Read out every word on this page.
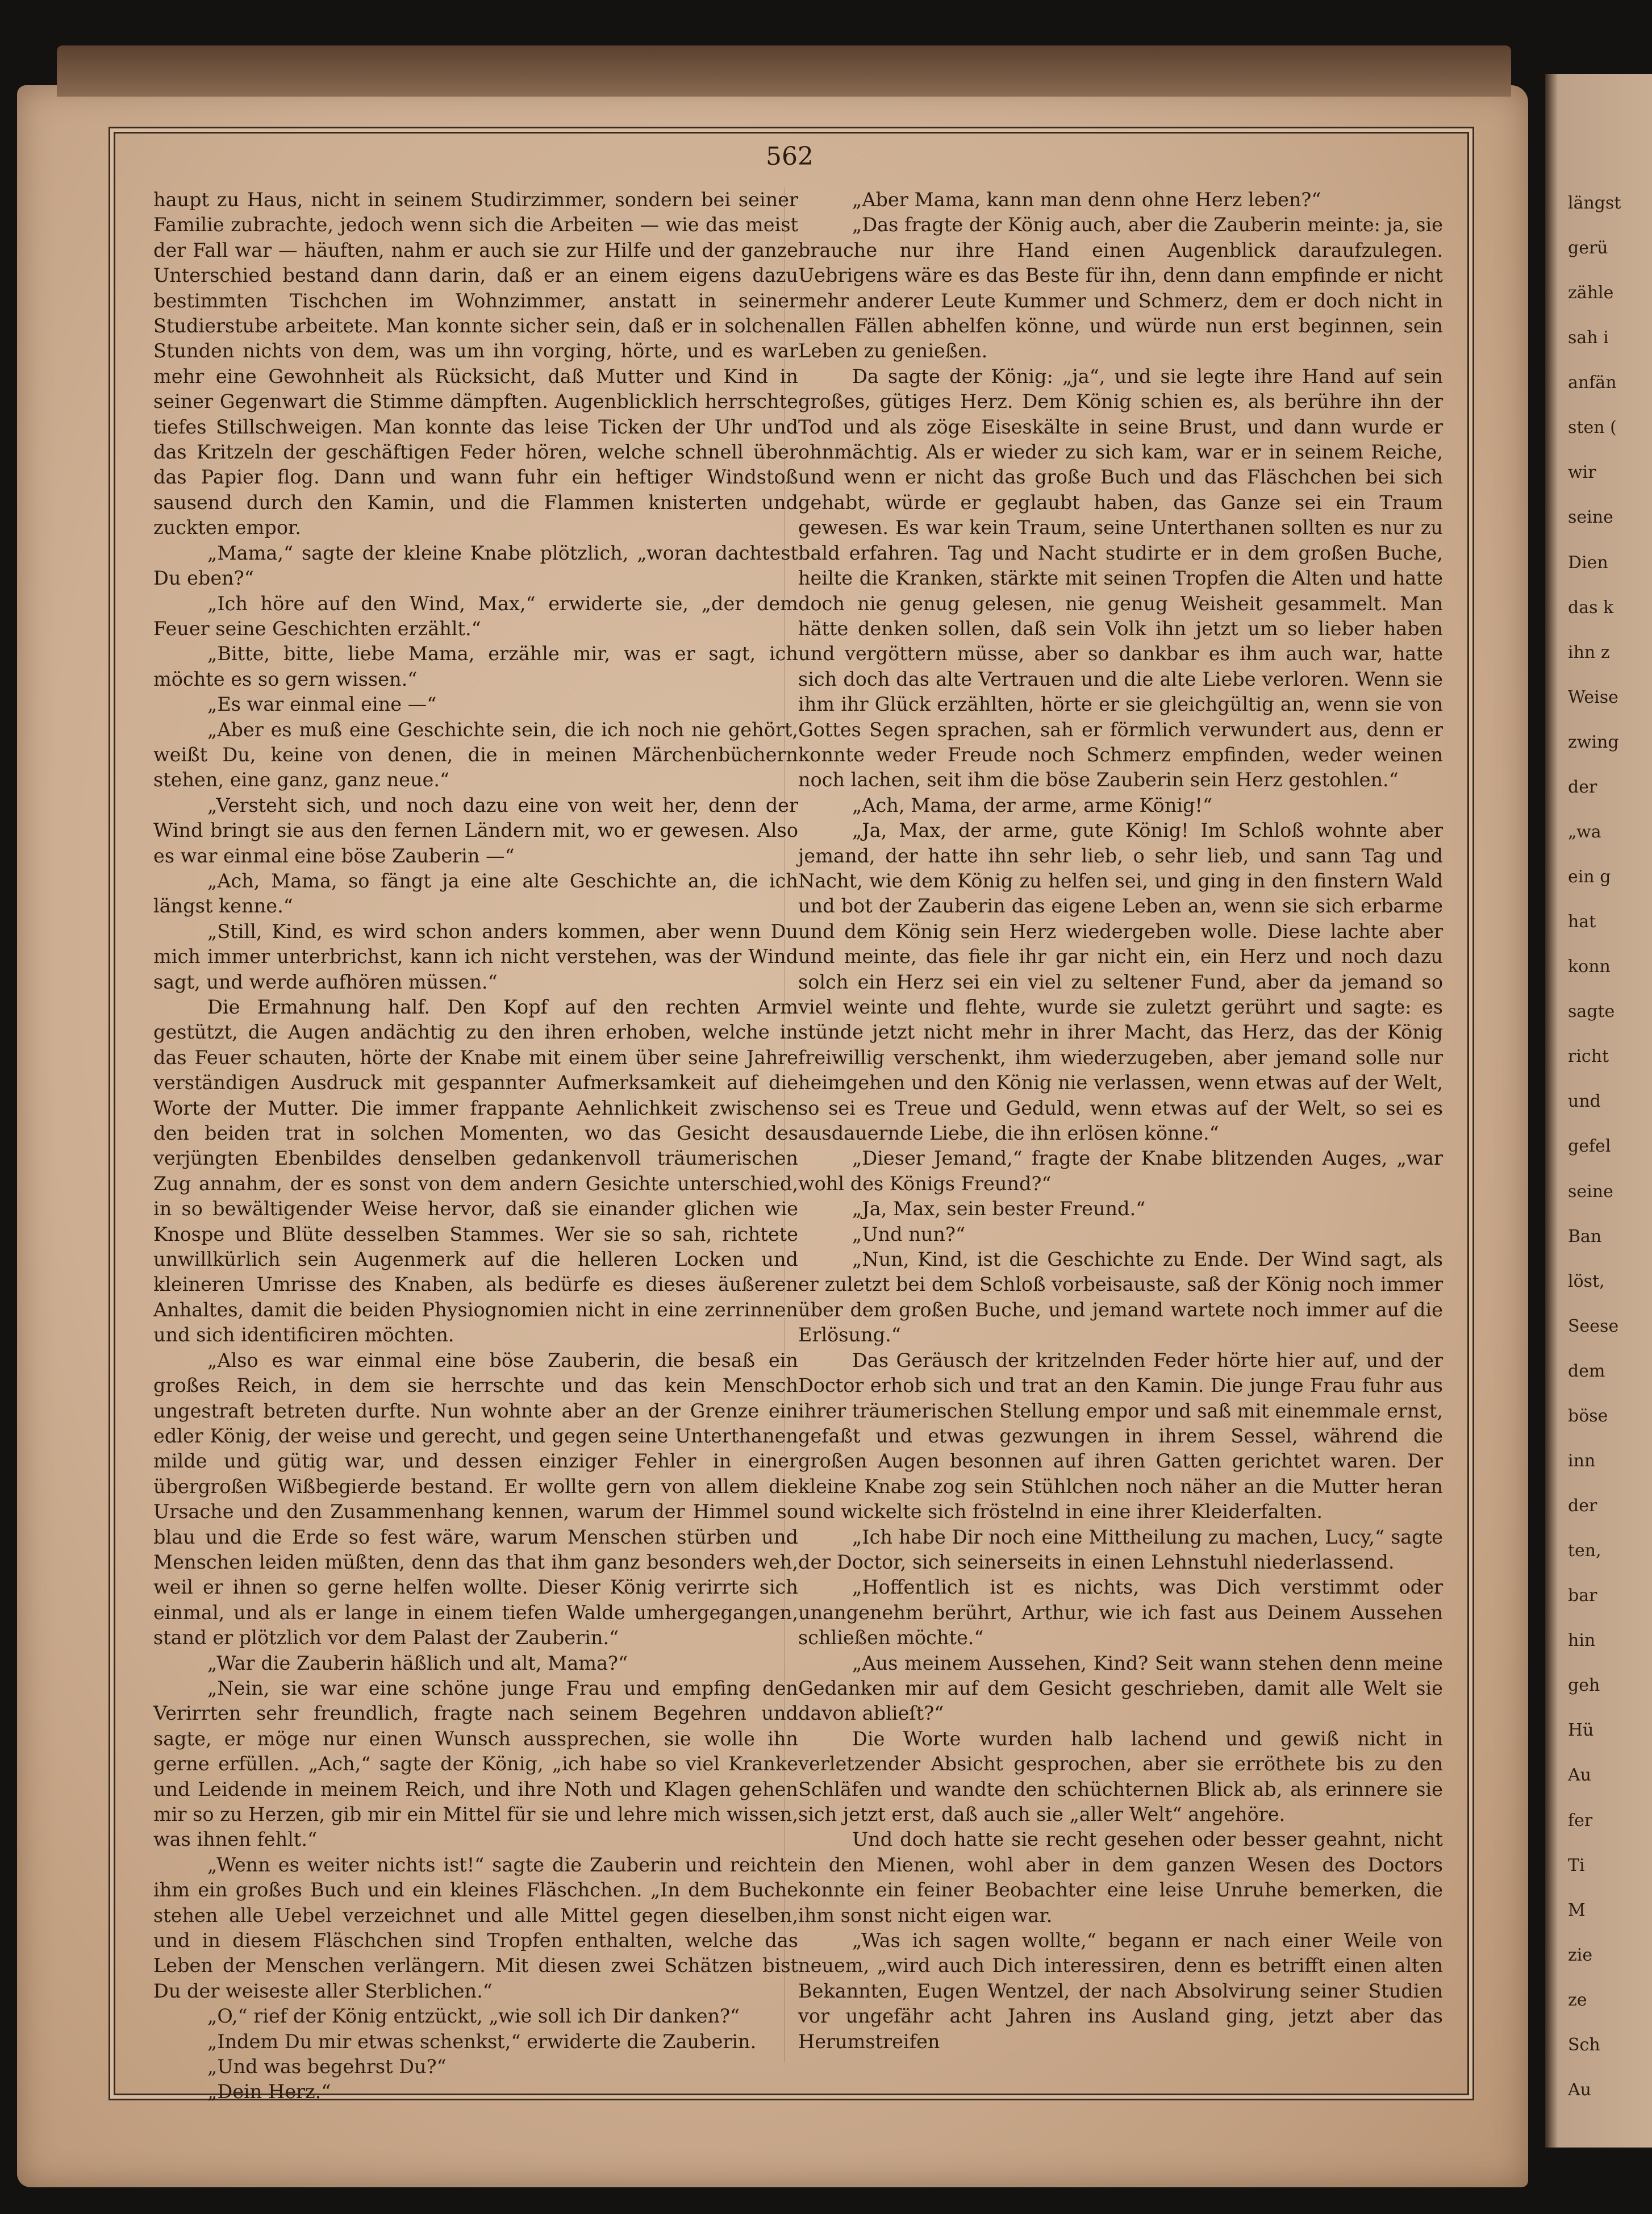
längst
gerü
zähle
sah i
anfän
sten (
wir
seine
Dien
das k
ihn z
Weise
zwing
der
„wa
ein g
hat
konn
sagte
richt
und
gefel
seine
Ban
löst,
Seese
dem
böse
inn
der
ten,
bar
hin
geh
Hü
Au
fer
Ti
M
zie
ze
Sch
Au
562

haupt zu Haus, nicht in seinem Studirzimmer, sondern bei seiner Familie zubrachte, jedoch wenn sich die Arbeiten — wie das meist der Fall war — häuften, nahm er auch sie zur Hilfe und der ganze Unterschied bestand dann darin, daß er an einem eigens dazu bestimmten Tischchen im Wohnzimmer, anstatt in seiner Studierstube arbeitete. Man konnte sicher sein, daß er in solchen Stunden nichts von dem, was um ihn vorging, hörte, und es war mehr eine Gewohnheit als Rücksicht, daß Mutter und Kind in seiner Gegenwart die Stimme dämpften. Augenblicklich herrschte tiefes Stillschweigen. Man konnte das leise Ticken der Uhr und das Kritzeln der geschäftigen Feder hören, welche schnell über das Papier flog. Dann und wann fuhr ein heftiger Windstoß sausend durch den Kamin, und die Flammen knisterten und zuckten empor.

„Mama,“ sagte der kleine Knabe plötzlich, „woran dachtest Du eben?“

„Ich höre auf den Wind, Max,“ erwiderte sie, „der dem Feuer seine Geschichten erzählt.“

„Bitte, bitte, liebe Mama, erzähle mir, was er sagt, ich möchte es so gern wissen.“

„Es war einmal eine —“

„Aber es muß eine Geschichte sein, die ich noch nie gehört, weißt Du, keine von denen, die in meinen Märchenbüchern stehen, eine ganz, ganz neue.“

„Versteht sich, und noch dazu eine von weit her, denn der Wind bringt sie aus den fernen Ländern mit, wo er gewesen. Also es war einmal eine böse Zauberin —“

„Ach, Mama, so fängt ja eine alte Geschichte an, die ich längst kenne.“

„Still, Kind, es wird schon anders kommen, aber wenn Du mich immer unterbrichst, kann ich nicht verstehen, was der Wind sagt, und werde aufhören müssen.“

Die Ermahnung half. Den Kopf auf den rechten Arm gestützt, die Augen andächtig zu den ihren erhoben, welche in das Feuer schauten, hörte der Knabe mit einem über seine Jahre verständigen Ausdruck mit gespannter Aufmerksamkeit auf die Worte der Mutter. Die immer frappante Aehnlichkeit zwischen den beiden trat in solchen Momenten, wo das Gesicht des verjüngten Ebenbildes denselben gedankenvoll träumerischen Zug annahm, der es sonst von dem andern Gesichte unterschied, in so bewältigender Weise hervor, daß sie einander glichen wie Knospe und Blüte desselben Stammes. Wer sie so sah, richtete unwillkürlich sein Augenmerk auf die helleren Locken und kleineren Umrisse des Knaben, als bedürfe es dieses äußeren Anhaltes, damit die beiden Physiognomien nicht in eine zerrinnen und sich identificiren möchten.

„Also es war einmal eine böse Zauberin, die besaß ein großes Reich, in dem sie herrschte und das kein Mensch ungestraft betreten durfte. Nun wohnte aber an der Grenze ein edler König, der weise und gerecht, und gegen seine Unterthanen milde und gütig war, und dessen einziger Fehler in einer übergroßen Wißbegierde bestand. Er wollte gern von allem die Ursache und den Zusammenhang kennen, warum der Himmel so blau und die Erde so fest wäre, warum Menschen stürben und Menschen leiden müßten, denn das that ihm ganz besonders weh, weil er ihnen so gerne helfen wollte. Dieser König verirrte sich einmal, und als er lange in einem tiefen Walde umhergegangen, stand er plötzlich vor dem Palast der Zauberin.“

„War die Zauberin häßlich und alt, Mama?“

„Nein, sie war eine schöne junge Frau und empfing den Verirrten sehr freundlich, fragte nach seinem Begehren und sagte, er möge nur einen Wunsch aussprechen, sie wolle ihn gerne erfüllen. „Ach,“ sagte der König, „ich habe so viel Kranke und Leidende in meinem Reich, und ihre Noth und Klagen gehen mir so zu Herzen, gib mir ein Mittel für sie und lehre mich wissen, was ihnen fehlt.“

„Wenn es weiter nichts ist!“ sagte die Zauberin und reichte ihm ein großes Buch und ein kleines Fläschchen. „In dem Buche stehen alle Uebel verzeichnet und alle Mittel gegen dieselben, und in diesem Fläschchen sind Tropfen enthalten, welche das Leben der Menschen verlängern. Mit diesen zwei Schätzen bist Du der weiseste aller Sterblichen.“

„O,“ rief der König entzückt, „wie soll ich Dir danken?“

„Indem Du mir etwas schenkst,“ erwiderte die Zauberin.

„Und was begehrst Du?“

„Dein Herz.“

„Aber Mama, kann man denn ohne Herz leben?“

„Das fragte der König auch, aber die Zauberin meinte: ja, sie brauche nur ihre Hand einen Augenblick daraufzulegen. Uebrigens wäre es das Beste für ihn, denn dann empfinde er nicht mehr anderer Leute Kummer und Schmerz, dem er doch nicht in allen Fällen abhelfen könne, und würde nun erst beginnen, sein Leben zu genießen.

Da sagte der König: „ja“, und sie legte ihre Hand auf sein großes, gütiges Herz. Dem König schien es, als berühre ihn der Tod und als zöge Eiseskälte in seine Brust, und dann wurde er ohnmächtig. Als er wieder zu sich kam, war er in seinem Reiche, und wenn er nicht das große Buch und das Fläschchen bei sich gehabt, würde er geglaubt haben, das Ganze sei ein Traum gewesen. Es war kein Traum, seine Unterthanen sollten es nur zu bald erfahren. Tag und Nacht studirte er in dem großen Buche, heilte die Kranken, stärkte mit seinen Tropfen die Alten und hatte doch nie genug gelesen, nie genug Weisheit gesammelt. Man hätte denken sollen, daß sein Volk ihn jetzt um so lieber haben und vergöttern müsse, aber so dankbar es ihm auch war, hatte sich doch das alte Vertrauen und die alte Liebe verloren. Wenn sie ihm ihr Glück erzählten, hörte er sie gleichgültig an, wenn sie von Gottes Segen sprachen, sah er förmlich verwundert aus, denn er konnte weder Freude noch Schmerz empfinden, weder weinen noch lachen, seit ihm die böse Zauberin sein Herz gestohlen.“

„Ach, Mama, der arme, arme König!“

„Ja, Max, der arme, gute König! Im Schloß wohnte aber jemand, der hatte ihn sehr lieb, o sehr lieb, und sann Tag und Nacht, wie dem König zu helfen sei, und ging in den finstern Wald und bot der Zauberin das eigene Leben an, wenn sie sich erbarme und dem König sein Herz wiedergeben wolle. Diese lachte aber und meinte, das fiele ihr gar nicht ein, ein Herz und noch dazu solch ein Herz sei ein viel zu seltener Fund, aber da jemand so viel weinte und flehte, wurde sie zuletzt gerührt und sagte: es stünde jetzt nicht mehr in ihrer Macht, das Herz, das der König freiwillig verschenkt, ihm wiederzugeben, aber jemand solle nur heimgehen und den König nie verlassen, wenn etwas auf der Welt, so sei es Treue und Geduld, wenn etwas auf der Welt, so sei es ausdauernde Liebe, die ihn erlösen könne.“

„Dieser Jemand,“ fragte der Knabe blitzenden Auges, „war wohl des Königs Freund?“

„Ja, Max, sein bester Freund.“

„Und nun?“

„Nun, Kind, ist die Geschichte zu Ende. Der Wind sagt, als er zuletzt bei dem Schloß vorbeisauste, saß der König noch immer über dem großen Buche, und jemand wartete noch immer auf die Erlösung.“

Das Geräusch der kritzelnden Feder hörte hier auf, und der Doctor erhob sich und trat an den Kamin. Die junge Frau fuhr aus ihrer träumerischen Stellung empor und saß mit einemmale ernst, gefaßt und etwas gezwungen in ihrem Sessel, während die großen Augen besonnen auf ihren Gatten gerichtet waren. Der kleine Knabe zog sein Stühlchen noch näher an die Mutter heran und wickelte sich fröstelnd in eine ihrer Kleiderfalten.

„Ich habe Dir noch eine Mittheilung zu machen, Lucy,“ sagte der Doctor, sich seinerseits in einen Lehnstuhl niederlassend.

„Hoffentlich ist es nichts, was Dich verstimmt oder unangenehm berührt, Arthur, wie ich fast aus Deinem Aussehen schließen möchte.“

„Aus meinem Aussehen, Kind? Seit wann stehen denn meine Gedanken mir auf dem Gesicht geschrieben, damit alle Welt sie davon ablieſt?“

Die Worte wurden halb lachend und gewiß nicht in verletzender Absicht gesprochen, aber sie erröthete bis zu den Schläfen und wandte den schüchternen Blick ab, als erinnere sie sich jetzt erst, daß auch sie „aller Welt“ angehöre.

Und doch hatte sie recht gesehen oder besser geahnt, nicht in den Mienen, wohl aber in dem ganzen Wesen des Doctors konnte ein feiner Beobachter eine leise Unruhe bemerken, die ihm sonst nicht eigen war.

„Was ich sagen wollte,“ begann er nach einer Weile von neuem, „wird auch Dich interessiren, denn es betrifft einen alten Bekannten, Eugen Wentzel, der nach Absolvirung seiner Studien vor ungefähr acht Jahren ins Ausland ging, jetzt aber das Herumstreifen
